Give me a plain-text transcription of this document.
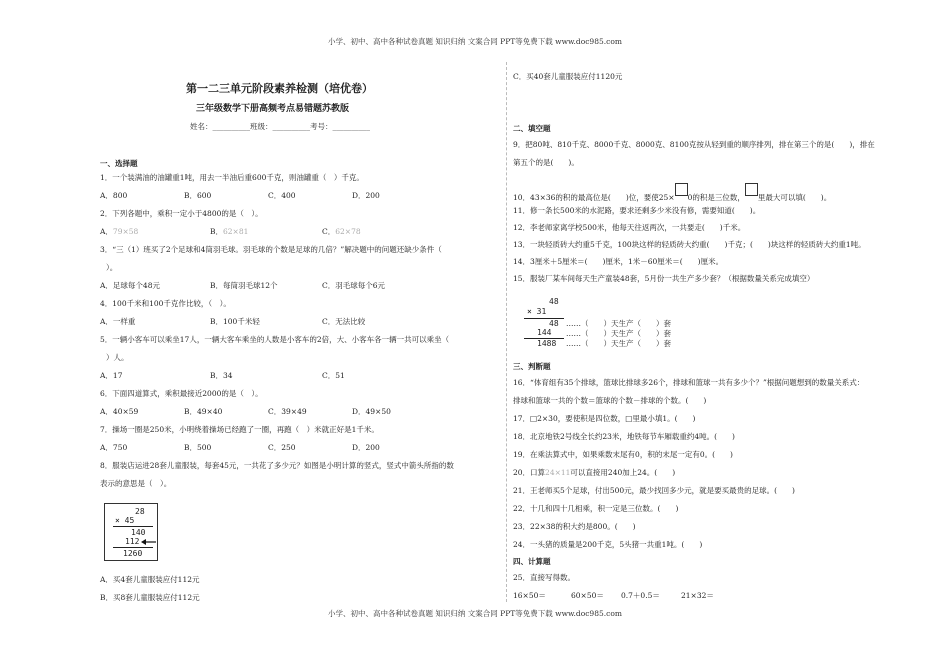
小学、初中、高中各种试卷真题 知识归纳 文案合同 PPT等免费下载 www.doc985.com
第一二三单元阶段素养检测（培优卷）
三年级数学下册高频考点易错题苏教版
姓名：__________班级：__________考号：__________
一、选择题
1．一个装满油的油罐重1吨，用去一半油后重600千克，则油罐重（　）千克。
A．800	B．600	C．400	D．200
2．下列各题中，乘积一定小于4800的是（　）。
A．79×58	B．62×81	C．62×78
3．“三（1）班买了2个足球和4筒羽毛球。羽毛球的个数是足球的几倍？”解决题中的问题还缺少条件（
）。
A．足球每个48元	B．每筒羽毛球12个	C．羽毛球每个6元
4．100千米和100千克作比较，（　）。
A．一样重	B．100千米轻	C．无法比较
5．一辆小客车可以乘坐17人，一辆大客车乘坐的人数是小客车的2倍，大、小客车各一辆一共可以乘坐（
）人。
A．17	B．34	C．51
6．下面四道算式，乘积最接近2000的是（　）。
A．40×59	B．49×40	C．39×49	D．49×50
7．操场一圈是250米，小明绕着操场已经跑了一圈，再跑（　）米就正好是1千米。
A．750	B．500	C．250	D．200
8．服装店运进28套儿童服装，每套45元，一共花了多少元？如图是小明计算的竖式，竖式中箭头所指的数
表示的意思是（　）。
28
× 45
140
112
1260
A．买4套儿童服装应付112元
B．买8套儿童服装应付112元
C．买40套儿童服装应付1120元
二、填空题
9．把80吨、810千克、8000千克、8000克、8100克按从轻到重的顺序排列，排在第三个的是(　　)，排在
第五个的是(　　)。
10．43×36的积的最高位是(　　)位，要使25× 0的积是三位数， 里最大可以填(　　)。
11．修一条长500米的水泥路，要求还剩多少米没有修，需要知道(　　)。
12．李老师家离学校500米，他每天往返两次，一共要走(　　)千米。
13．一块轻质砖大约重5千克，100块这样的轻质砖大约重(　　)千克；(　　)块这样的轻质砖大约重1吨。
14．3厘米＋5厘米＝(　　)厘米，1米－60厘米＝(　　)厘米。
15．服装厂某车间每天生产童装48套，5月份一共生产多少套？（根据数量关系完成填空）
48
× 31
48
144
1488
……（　　）天生产（　　）套
……（　　）天生产（　　）套
……（　　）天生产（　　）套
三、判断题
16．“体育组有35个排球，篮球比排球多26个，排球和篮球一共有多少个？”根据问题想到的数量关系式：
排球和篮球一共的个数＝篮球的个数－排球的个数。(　　)
17．□2×30，要使积是四位数，□里最小填1。(　　)
18．北京地铁2号线全长约23米，地铁每节车厢载重约4吨。(　　)
19．在乘法算式中，如果乘数末尾有0，积的末尾一定有0。(　　)
20．口算24×11可以直接用240加上24。(　　)
21．王老师买5个足球，付出500元，最少找回多少元，就是要买最贵的足球。(　　)
22．十几和四十几相乘，积一定是三位数。(　　)
23．22×38的积大约是800。(　　)
24．一头猪的质量是200千克，5头猪一共重1吨。(　　)
四、计算题
25．直接写得数。
16×50＝	60×50＝ 0.7＋0.5＝	21×32＝
小学、初中、高中各种试卷真题 知识归纳 文案合同 PPT等免费下载 www.doc985.com
